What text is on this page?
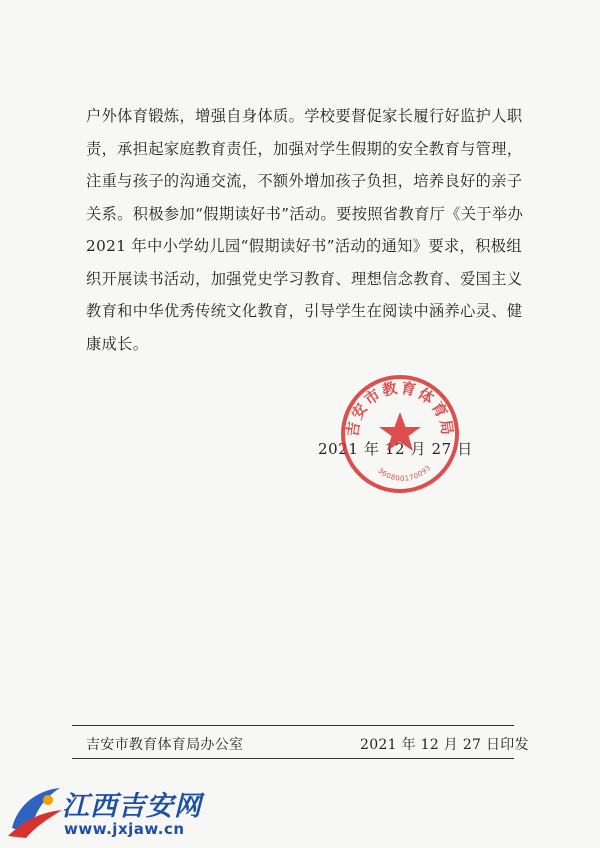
户外体育锻炼，增强自身体质。学校要督促家长履行好监护人职责，承担起家庭教育责任，加强对学生假期的安全教育与管理，注重与孩子的沟通交流，不额外增加孩子负担，培养良好的亲子关系。积极参加“假期读好书”活动。要按照省教育厅《关于举办 2021 年中小学幼儿园“假期读好书”活动的通知》要求，积极组织开展读书活动，加强党史学习教育、理想信念教育、爱国主义教育和中华优秀传统文化教育，引导学生在阅读中涵养心灵、健康成长。

2021 年 12 月 27 日
吉安市教育体育局
360800170093
吉安市教育体育局办公室	2021 年 12 月 27 日印发
江西吉安网
www.jxjaw.cn
